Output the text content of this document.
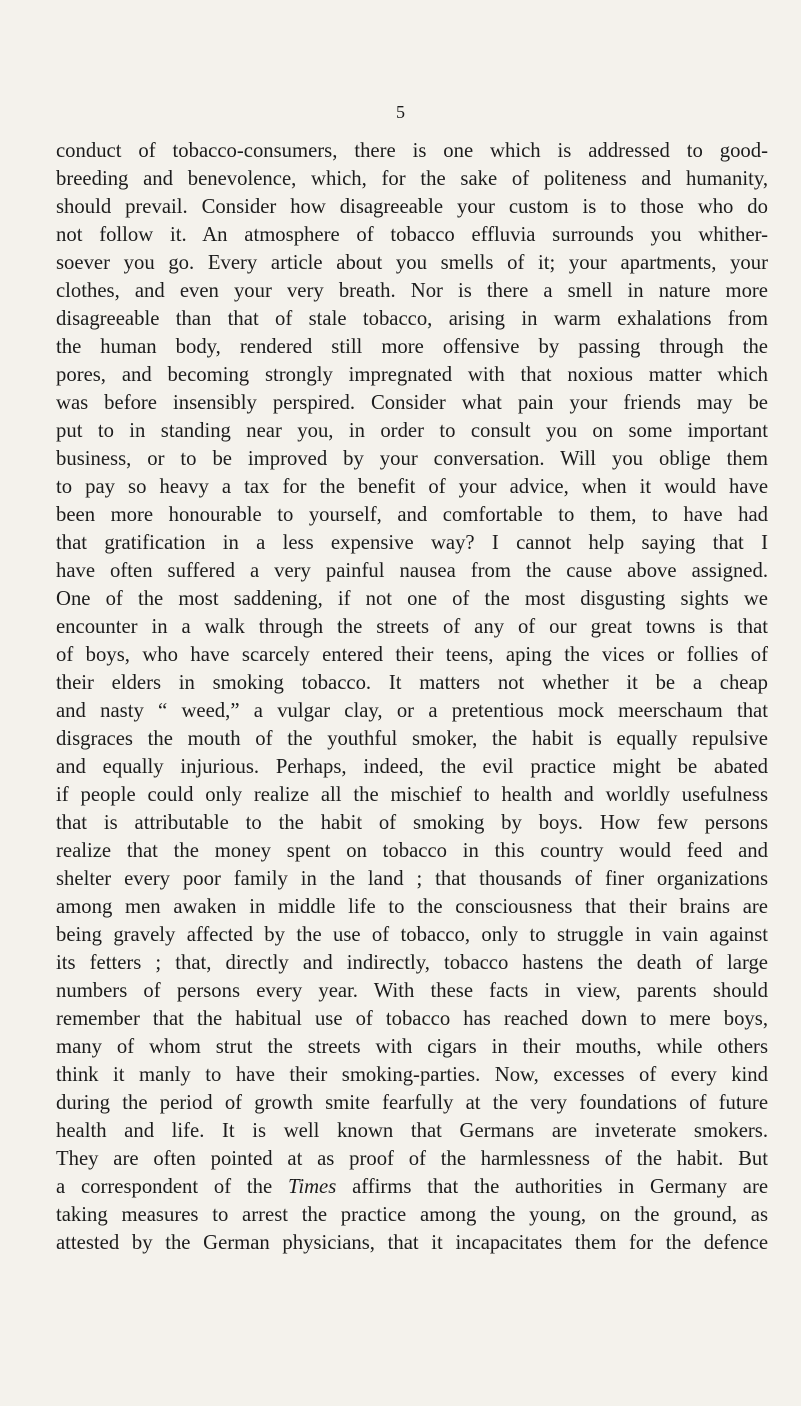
5
conduct of tobacco-consumers, there is one which is addressed to good-
breeding and benevolence, which, for the sake of politeness and humanity,
should prevail. Consider how disagreeable your custom is to those who do
not follow it. An atmosphere of tobacco effluvia surrounds you whither-
soever you go. Every article about you smells of it; your apartments, your
clothes, and even your very breath. Nor is there a smell in nature more
disagreeable than that of stale tobacco, arising in warm exhalations from
the human body, rendered still more offensive by passing through the
pores, and becoming strongly impregnated with that noxious matter which
was before insensibly perspired. Consider what pain your friends may be
put to in standing near you, in order to consult you on some important
business, or to be improved by your conversation. Will you oblige them
to pay so heavy a tax for the benefit of your advice, when it would have
been more honourable to yourself, and comfortable to them, to have had
that gratification in a less expensive way? I cannot help saying that I
have often suffered a very painful nausea from the cause above assigned.
One of the most saddening, if not one of the most disgusting sights we
encounter in a walk through the streets of any of our great towns is that
of boys, who have scarcely entered their teens, aping the vices or follies of
their elders in smoking tobacco. It matters not whether it be a cheap
and nasty “ weed,” a vulgar clay, or a pretentious mock meerschaum that
disgraces the mouth of the youthful smoker, the habit is equally repulsive
and equally injurious. Perhaps, indeed, the evil practice might be abated
if people could only realize all the mischief to health and worldly usefulness
that is attributable to the habit of smoking by boys. How few persons
realize that the money spent on tobacco in this country would feed and
shelter every poor family in the land ; that thousands of finer organizations
among men awaken in middle life to the consciousness that their brains are
being gravely affected by the use of tobacco, only to struggle in vain against
its fetters ; that, directly and indirectly, tobacco hastens the death of large
numbers of persons every year. With these facts in view, parents should
remember that the habitual use of tobacco has reached down to mere boys,
many of whom strut the streets with cigars in their mouths, while others
think it manly to have their smoking-parties. Now, excesses of every kind
during the period of growth smite fearfully at the very foundations of future
health and life. It is well known that Germans are inveterate smokers.
They are often pointed at as proof of the harmlessness of the habit. But
a correspondent of the Times affirms that the authorities in Germany are
taking measures to arrest the practice among the young, on the ground, as
attested by the German physicians, that it incapacitates them for the defence
